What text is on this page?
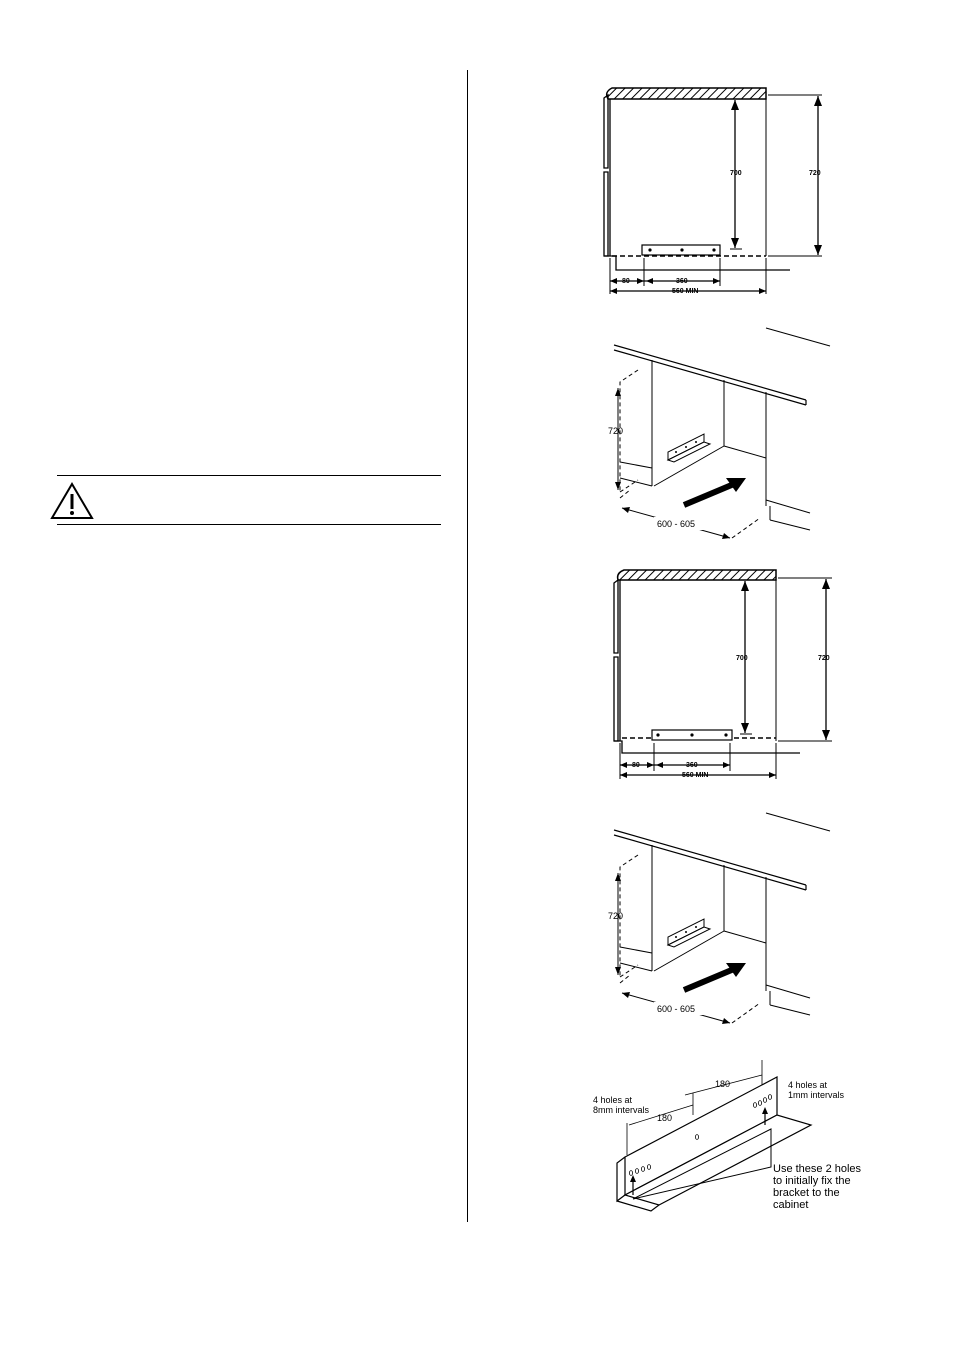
700	720
80	360
560 MIN
720
600 - 605
700	720
80	360
560 MIN
720
600 - 605
180
180
4 holes at
8mm intervals
4 holes at
1mm intervals
Use these 2 holes
to initially fix the
bracket to the
cabinet
